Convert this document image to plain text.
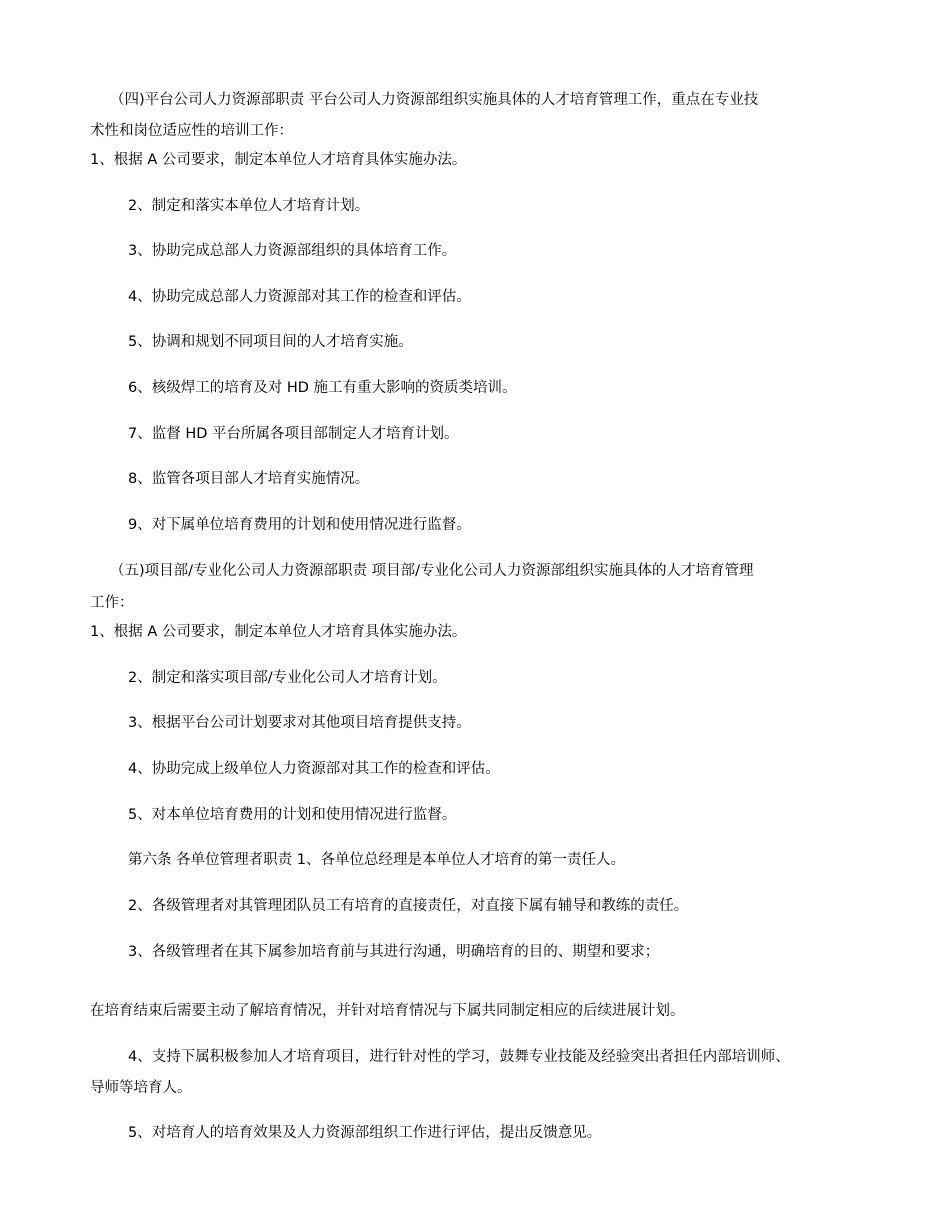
（四)平台公司人力资源部职责 平台公司人力资源部组织实施具体的人才培育管理工作，重点在专业技
术性和岗位适应性的培训工作：
1、根据 A 公司要求，制定本单位人才培育具体实施办法。
2、制定和落实本单位人才培育计划。
3、协助完成总部人力资源部组织的具体培育工作。
4、协助完成总部人力资源部对其工作的检查和评估。
5、协调和规划不同项目间的人才培育实施。
6、核级焊工的培育及对 HD 施工有重大影响的资质类培训。
7、监督 HD 平台所属各项目部制定人才培育计划。
8、监管各项目部人才培育实施情况。
9、对下属单位培育费用的计划和使用情况进行监督。
（五)项目部/专业化公司人力资源部职责 项目部/专业化公司人力资源部组织实施具体的人才培育管理
工作：
1、根据 A 公司要求，制定本单位人才培育具体实施办法。
2、制定和落实项目部/专业化公司人才培育计划。
3、根据平台公司计划要求对其他项目培育提供支持。
4、协助完成上级单位人力资源部对其工作的检查和评估。
5、对本单位培育费用的计划和使用情况进行监督。
第六条 各单位管理者职责 1、各单位总经理是本单位人才培育的第一责任人。
2、各级管理者对其管理团队员工有培育的直接责任，对直接下属有辅导和教练的责任。
3、各级管理者在其下属参加培育前与其进行沟通，明确培育的目的、期望和要求；
在培育结束后需要主动了解培育情况，并针对培育情况与下属共同制定相应的后续进展计划。
4、支持下属积极参加人才培育项目，进行针对性的学习，鼓舞专业技能及经验突出者担任内部培训师、
导师等培育人。
5、对培育人的培育效果及人力资源部组织工作进行评估，提出反馈意见。
